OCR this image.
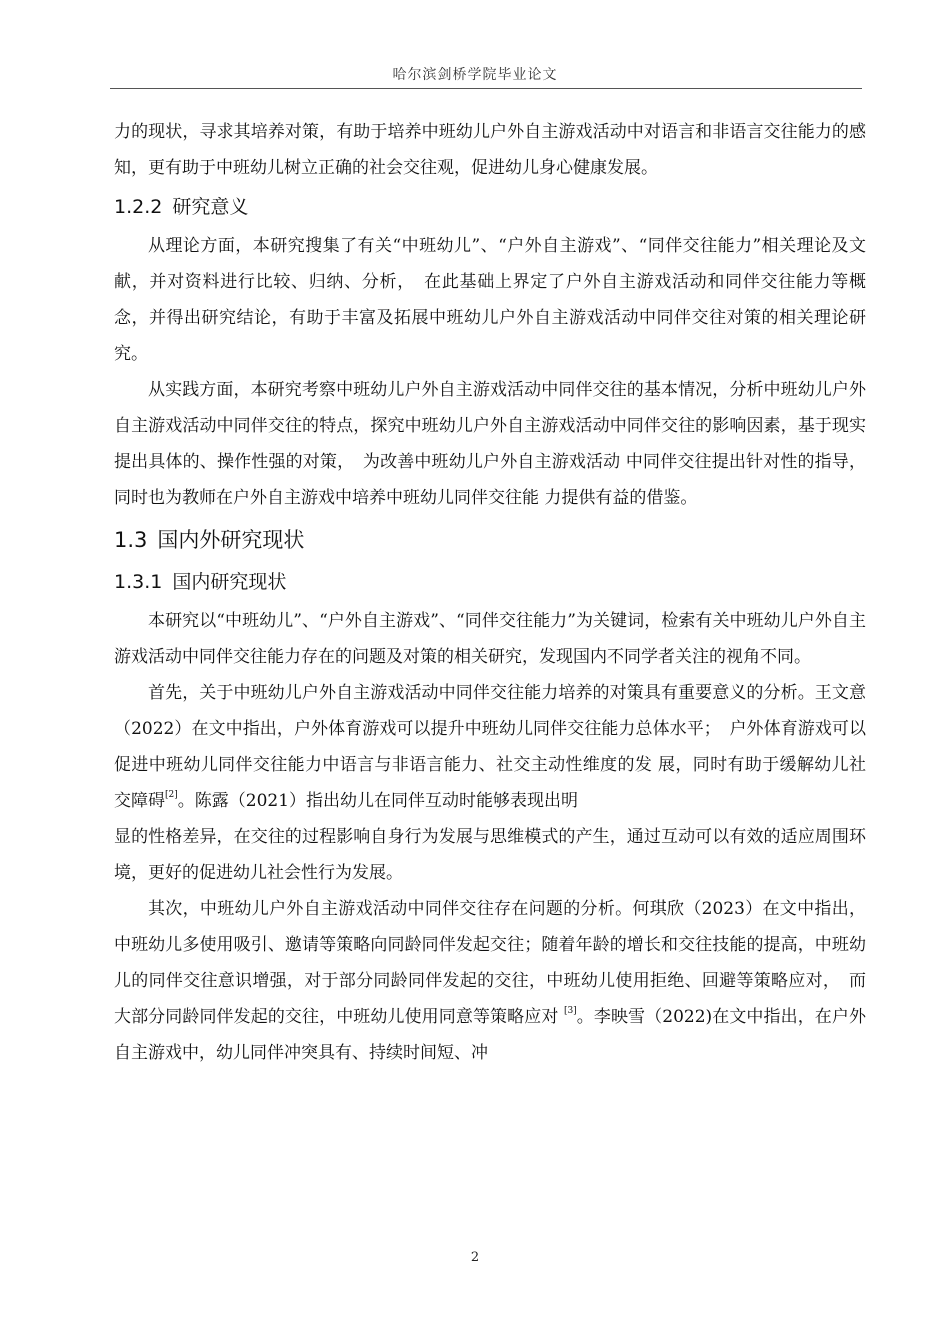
哈尔滨剑桥学院毕业论文

力的现状，寻求其培养对策，有助于培养中班幼儿户外自主游戏活动中对语言和非语言交往能力的感知，更有助于中班幼儿树立正确的社会交往观，促进幼儿身心健康发展。

1.2.2 研究意义

从理论方面，本研究搜集了有关“中班幼儿”、“户外自主游戏”、“同伴交往能力”相关理论及文献，并对资料进行比较、归纳、分析，　在此基础上界定了户外自主游戏活动和同伴交往能力等概念，并得出研究结论，有助于丰富及拓展中班幼儿户外自主游戏活动中同伴交往对策的相关理论研究。

从实践方面，本研究考察中班幼儿户外自主游戏活动中同伴交往的基本情况，分析中班幼儿户外自主游戏活动中同伴交往的特点，探究中班幼儿户外自主游戏活动中同伴交往的影响因素，基于现实提出具体的、操作性强的对策，　为改善中班幼儿户外自主游戏活动 中同伴交往提出针对性的指导，同时也为教师在户外自主游戏中培养中班幼儿同伴交往能 力提供有益的借鉴。

1.3 国内外研究现状
1.3.1 国内研究现状

本研究以“中班幼儿”、“户外自主游戏”、“同伴交往能力”为关键词，检索有关中班幼儿户外自主游戏活动中同伴交往能力存在的问题及对策的相关研究，发现国内不同学者关注的视角不同。

首先，关于中班幼儿户外自主游戏活动中同伴交往能力培养的对策具有重要意义的分析。王文意（2022）在文中指出，户外体育游戏可以提升中班幼儿同伴交往能力总体水平；　户外体育游戏可以促进中班幼儿同伴交往能力中语言与非语言能力、社交主动性维度的发 展，同时有助于缓解幼儿社交障碍[2]。陈露（2021）指出幼儿在同伴互动时能够表现出明

显的性格差异，在交往的过程影响自身行为发展与思维模式的产生，通过互动可以有效的适应周围环境，更好的促进幼儿社会性行为发展。

其次，中班幼儿户外自主游戏活动中同伴交往存在问题的分析。何琪欣（2023）在文中指出，中班幼儿多使用吸引、邀请等策略向同龄同伴发起交往；随着年龄的增长和交往技能的提高，中班幼儿的同伴交往意识增强，对于部分同龄同伴发起的交往，中班幼儿使用拒绝、回避等策略应对，　而大部分同龄同伴发起的交往，中班幼儿使用同意等策略应对 [3]。李映雪（2022)在文中指出，在户外自主游戏中，幼儿同伴冲突具有、持续时间短、冲

2
